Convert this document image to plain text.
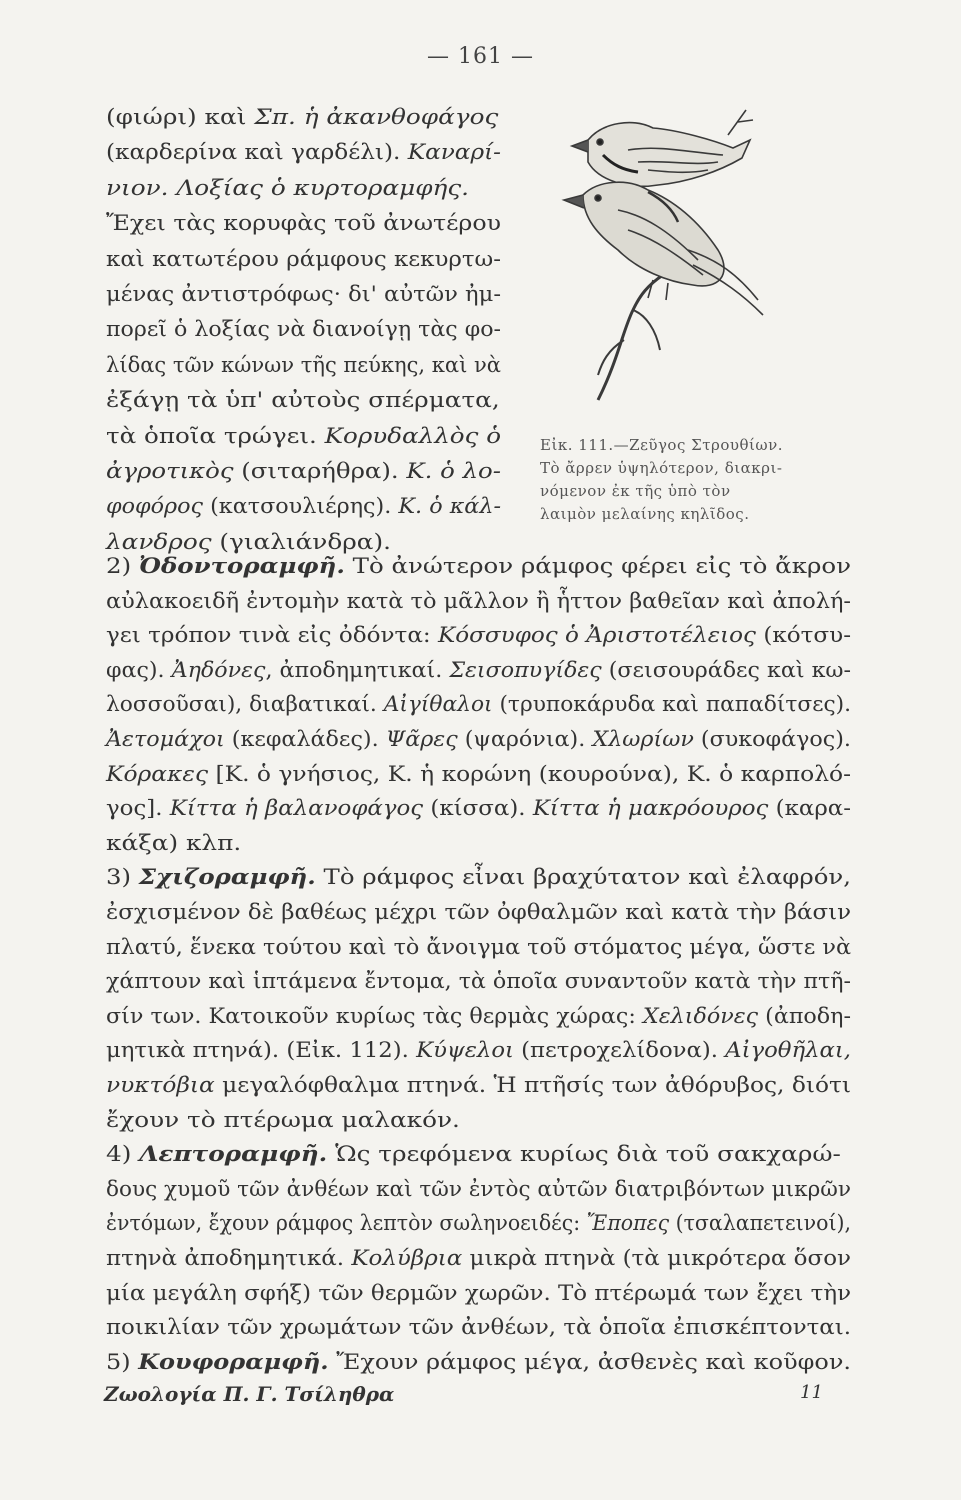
— 161 —
(φιώρι) καὶ Σπ. ἡ ἀκανθοφάγος
(καρδερίνα καὶ γαρδέλι). Καναρί-
νιον. Λοξίας ὁ κυρτοραμφής.
Ἔχει τὰς κορυφὰς τοῦ ἀνωτέρου
καὶ κατωτέρου ράμφους κεκυρτω-
μένας ἀντιστρόφως· δι' αὐτῶν ἠμ-
πορεῖ ὁ λοξίας νὰ διανοίγῃ τὰς φο-
λίδας τῶν κώνων τῆς πεύκης, καὶ νὰ
ἐξάγῃ τὰ ὑπ' αὐτοὺς σπέρματα,
τὰ ὁποῖα τρώγει. Κορυδαλλὸς ὁ
ἀγροτικὸς (σιταρήθρα). Κ. ὁ λο-
φοφόρος (κατσουλιέρης). Κ. ὁ κάλ-
λανδρος (γιαλιάνδρα).
Εἰκ. 111.—Ζεῦγος Στρουθίων.
Τὸ ἄρρεν ὑψηλότερον, διακρι-
νόμενον ἐκ τῆς ὑπὸ τὸν
λαιμὸν μελαίνης κηλῖδος.
2) Ὀδοντοραμφῆ. Τὸ ἀνώτερον ράμφος φέρει εἰς τὸ ἄκρον
αὐλακοειδῆ ἐντομὴν κατὰ τὸ μᾶλλον ἢ ἧττον βαθεῖαν καὶ ἀπολή-
γει τρόπον τινὰ εἰς ὀδόντα: Κόσσυφος ὁ Ἀριστοτέλειος (κότσυ-
φας). Ἀηδόνες, ἀποδημητικαί. Σεισοπυγίδες (σεισουράδες καὶ κω-
λοσσοῦσαι), διαβατικαί. Αἰγίθαλοι (τρυποκάρυδα καὶ παπαδίτσες).
Ἀετομάχοι (κεφαλάδες). Ψᾶρες (ψαρόνια). Χλωρίων (συκοφάγος).
Κόρακες [Κ. ὁ γνήσιος, Κ. ἡ κορώνη (κουρούνα), Κ. ὁ καρπολό-
γος]. Κίττα ἡ βαλανοφάγος (κίσσα). Κίττα ἡ μακρόουρος (καρα-
κάξα) κλπ.
3) Σχιζοραμφῆ. Τὸ ράμφος εἶναι βραχύτατον καὶ ἐλαφρόν,
ἐσχισμένον δὲ βαθέως μέχρι τῶν ὀφθαλμῶν καὶ κατὰ τὴν βάσιν
πλατύ, ἕνεκα τούτου καὶ τὸ ἄνοιγμα τοῦ στόματος μέγα, ὥστε νὰ
χάπτουν καὶ ἱπτάμενα ἔντομα, τὰ ὁποῖα συναντοῦν κατὰ τὴν πτῆ-
σίν των. Κατοικοῦν κυρίως τὰς θερμὰς χώρας: Χελιδόνες (ἀποδη-
μητικὰ πτηνά). (Εἰκ. 112). Κύψελοι (πετροχελίδονα). Αἰγοθῆλαι,
νυκτόβια μεγαλόφθαλμα πτηνά. Ἡ πτῆσίς των ἀθόρυβος, διότι
ἔχουν τὸ πτέρωμα μαλακόν.
4) Λεπτοραμφῆ. Ὡς τρεφόμενα κυρίως διὰ τοῦ σακχαρώ-
δους χυμοῦ τῶν ἀνθέων καὶ τῶν ἐντὸς αὐτῶν διατριβόντων μικρῶν
ἐντόμων, ἔχουν ράμφος λεπτὸν σωληνοειδές: Ἔποπες (τσαλαπετεινοί),
πτηνὰ ἀποδημητικά. Κολύβρια μικρὰ πτηνὰ (τὰ μικρότερα ὅσον
μία μεγάλη σφήξ) τῶν θερμῶν χωρῶν. Τὸ πτέρωμά των ἔχει τὴν
ποικιλίαν τῶν χρωμάτων τῶν ἀνθέων, τὰ ὁποῖα ἐπισκέπτονται.
5) Κουφοραμφῆ. Ἔχουν ράμφος μέγα, ἀσθενὲς καὶ κοῦφον.
Ζωολογία Π. Γ. Τσίληθρα	11
